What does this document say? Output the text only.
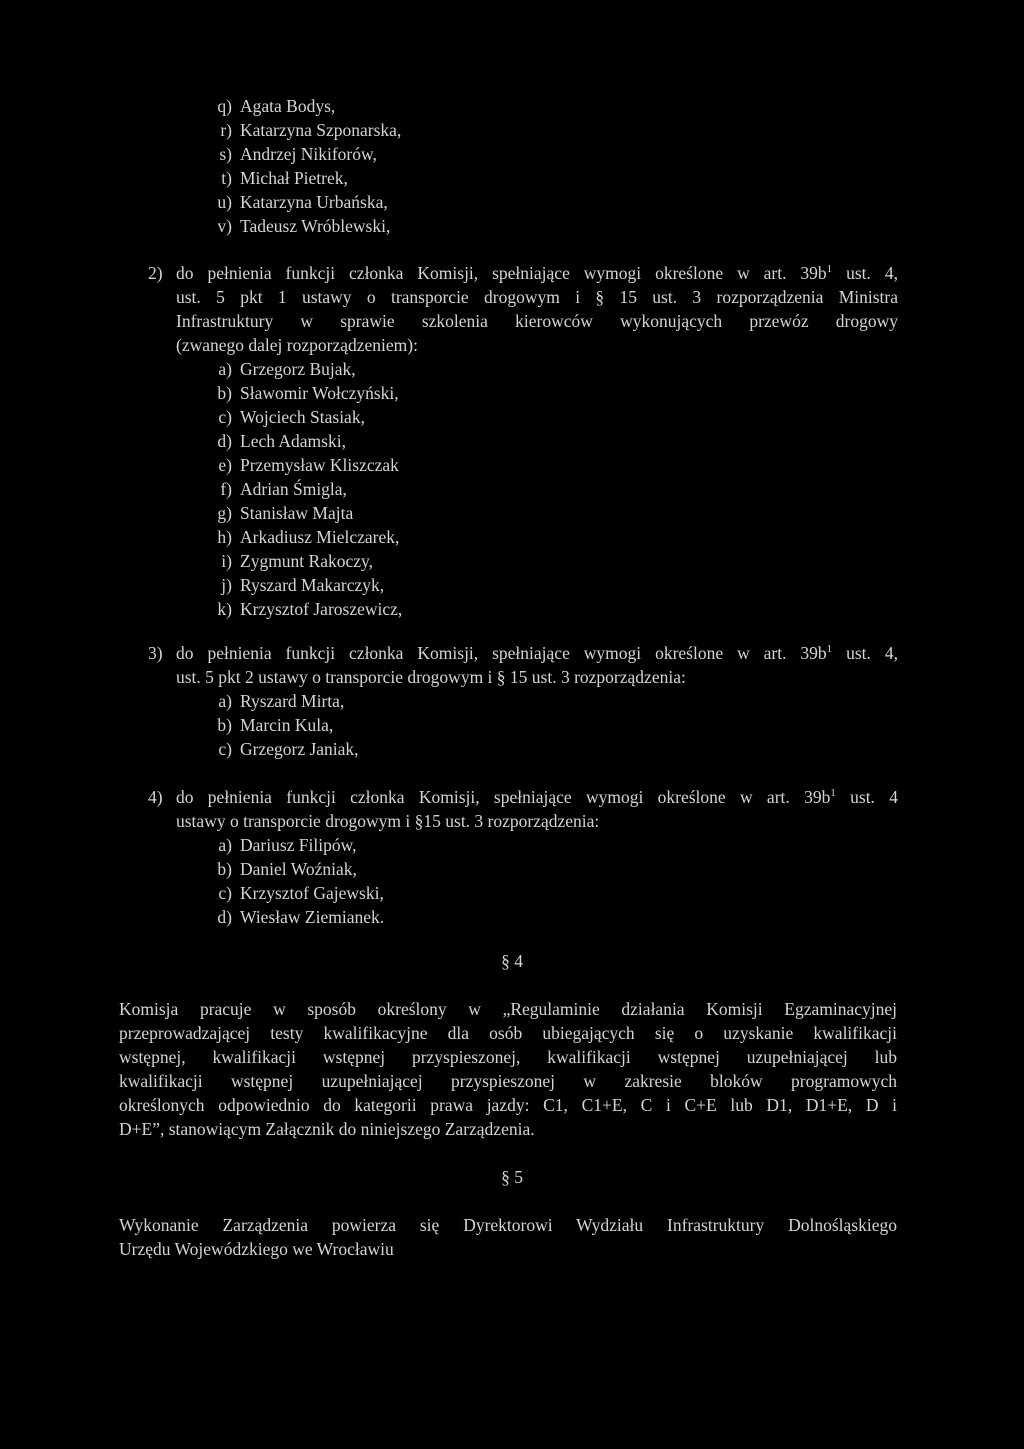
q) Agata Bodys,
r) Katarzyna Szponarska,
s) Andrzej Nikiforów,
t) Michał Pietrek,
u) Katarzyna Urbańska,
v) Tadeusz Wróblewski,
2) do pełnienia funkcji członka Komisji, spełniające wymogi określone w art. $39b^1$ ust. 4,

ust. 5 pkt 1 ustawy o transporcie drogowym i § 15 ust. 3 rozporządzenia Ministra

Infrastruktury w sprawie szkolenia kierowców wykonujących przewóz drogowy

(zwanego dalej rozporządzeniem):

a) Grzegorz Bujak,
b) Sławomir Wołczyński,
c) Wojciech Stasiak,
d) Lech Adamski,
e) Przemysław Kliszczak
f) Adrian Śmigla,
g) Stanisław Majta
h) Arkadiusz Mielczarek,
i) Zygmunt Rakoczy,
j) Ryszard Makarczyk,
k) Krzysztof Jaroszewicz,
3) do pełnienia funkcji członka Komisji, spełniające wymogi określone w art. $39b^1$ ust. 4,

ust. 5 pkt 2 ustawy o transporcie drogowym i § 15 ust. 3 rozporządzenia:

a) Ryszard Mirta,
b) Marcin Kula,
c) Grzegorz Janiak,
4) do pełnienia funkcji członka Komisji, spełniające wymogi określone w art. $39b^1$ ust. 4

ustawy o transporcie drogowym i §15 ust. 3 rozporządzenia:

a) Dariusz Filipów,
b) Daniel Woźniak,
c) Krzysztof Gajewski,
d) Wiesław Ziemianek.
§ 4

Komisja pracuje w sposób określony w „Regulaminie działania Komisji Egzaminacyjnej

przeprowadzającej testy kwalifikacyjne dla osób ubiegających się o uzyskanie kwalifikacji

wstępnej, kwalifikacji wstępnej przyspieszonej, kwalifikacji wstępnej uzupełniającej lub

kwalifikacji wstępnej uzupełniającej przyspieszonej w zakresie bloków programowych

określonych odpowiednio do kategorii prawa jazdy: C1, C1+E, C i C+E lub D1, D1+E, D i

D+E”, stanowiącym Załącznik do niniejszego Zarządzenia.

§ 5

Wykonanie Zarządzenia powierza się Dyrektorowi Wydziału Infrastruktury Dolnośląskiego

Urzędu Wojewódzkiego we Wrocławiu
